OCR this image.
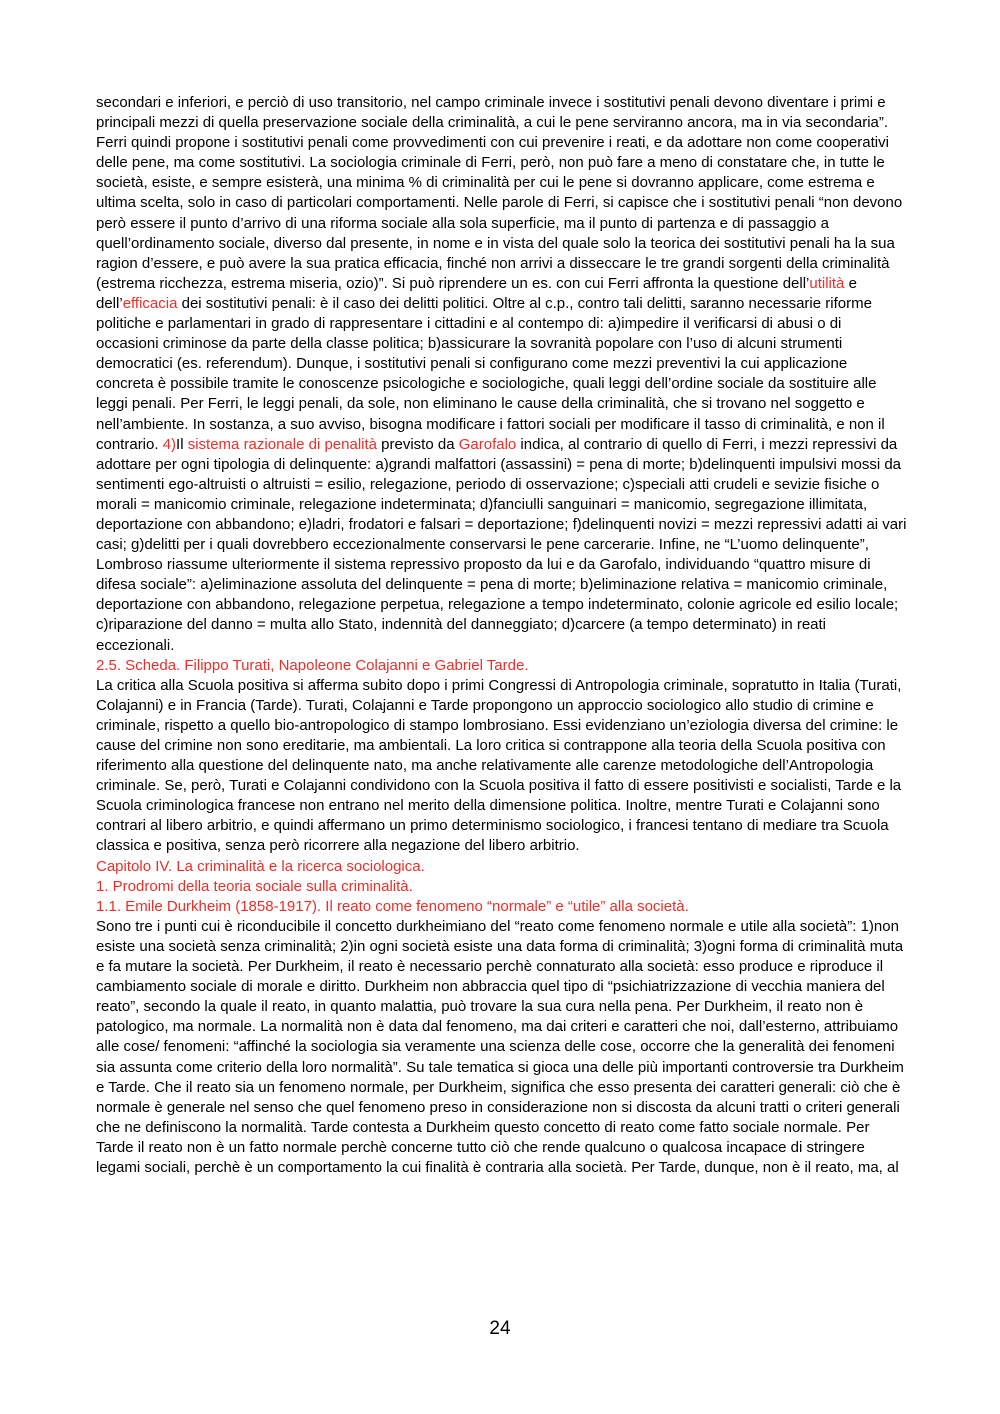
secondari e inferiori, e perciò di uso transitorio, nel campo criminale invece i sostitutivi penali devono diventare i primi e principali mezzi di quella preservazione sociale della criminalità, a cui le pene serviranno ancora, ma in via secondaria”. Ferri quindi propone i sostitutivi penali come provvedimenti con cui prevenire i reati, e da adottare non come cooperativi delle pene, ma come sostitutivi. La sociologia criminale di Ferri, però, non può fare a meno di constatare che, in tutte le società, esiste, e sempre esisterà, una minima % di criminalità per cui le pene si dovranno applicare, come estrema e ultima scelta, solo in caso di particolari comportamenti. Nelle parole di Ferri, si capisce che i sostitutivi penali “non devono però essere il punto d’arrivo di una riforma sociale alla sola superficie, ma il punto di partenza e di passaggio a quell’ordinamento sociale, diverso dal presente, in nome e in vista del quale solo la teorica dei sostitutivi penali ha la sua ragion d’essere, e può avere la sua pratica efficacia, finché non arrivi a disseccare le tre grandi sorgenti della criminalità (estrema ricchezza, estrema miseria, ozio)”. Si può riprendere un es. con cui Ferri affronta la questione dell’utilità e dell’efficacia dei sostitutivi penali: è il caso dei delitti politici. Oltre al c.p., contro tali delitti, saranno necessarie riforme politiche e parlamentari in grado di rappresentare i cittadini e al contempo di: a)impedire il verificarsi di abusi o di occasioni criminose da parte della classe politica; b)assicurare la sovranità popolare con l’uso di alcuni strumenti democratici (es. referendum). Dunque, i sostitutivi penali si configurano come mezzi preventivi la cui applicazione concreta è possibile tramite le conoscenze psicologiche e sociologiche, quali leggi dell’ordine sociale da sostituire alle leggi penali. Per Ferri, le leggi penali, da sole, non eliminano le cause della criminalità, che si trovano nel soggetto e nell’ambiente. In sostanza, a suo avviso, bisogna modificare i fattori sociali per modificare il tasso di criminalità, e non il contrario. 4)Il sistema razionale di penalità previsto da Garofalo indica, al contrario di quello di Ferri, i mezzi repressivi da adottare per ogni tipologia di delinquente: a)grandi malfattori (assassini) = pena di morte; b)delinquenti impulsivi mossi da sentimenti ego-altruisti o altruisti = esilio, relegazione, periodo di osservazione; c)speciali atti crudeli e sevizie fisiche o morali = manicomio criminale, relegazione indeterminata; d)fanciulli sanguinari = manicomio, segregazione illimitata, deportazione con abbandono; e)ladri, frodatori e falsari = deportazione; f)delinquenti novizi = mezzi repressivi adatti ai vari casi; g)delitti per i quali dovrebbero eccezionalmente conservarsi le pene carcerarie. Infine, ne “L’uomo delinquente”, Lombroso riassume ulteriormente il sistema repressivo proposto da lui e da Garofalo, individuando “quattro misure di difesa sociale”: a)eliminazione assoluta del delinquente = pena di morte; b)eliminazione relativa = manicomio criminale, deportazione con abbandono, relegazione perpetua, relegazione a tempo indeterminato, colonie agricole ed esilio locale; c)riparazione del danno = multa allo Stato, indennità del danneggiato; d)carcere (a tempo determinato) in reati eccezionali.

2.5. Scheda. Filippo Turati, Napoleone Colajanni e Gabriel Tarde.

La critica alla Scuola positiva si afferma subito dopo i primi Congressi di Antropologia criminale, sopratutto in Italia (Turati, Colajanni) e in Francia (Tarde). Turati, Colajanni e Tarde propongono un approccio sociologico allo studio di crimine e criminale, rispetto a quello bio-antropologico di stampo lombrosiano. Essi evidenziano un’eziologia diversa del crimine: le cause del crimine non sono ereditarie, ma ambientali. La loro critica si contrappone alla teoria della Scuola positiva con riferimento alla questione del delinquente nato, ma anche relativamente alle carenze metodologiche dell’Antropologia criminale. Se, però, Turati e Colajanni condividono con la Scuola positiva il fatto di essere positivisti e socialisti, Tarde e la Scuola criminologica francese non entrano nel merito della dimensione politica. Inoltre, mentre Turati e Colajanni sono contrari al libero arbitrio, e quindi affermano un primo determinismo sociologico, i francesi tentano di mediare tra Scuola classica e positiva, senza però ricorrere alla negazione del libero arbitrio.

Capitolo IV. La criminalità e la ricerca sociologica.

1. Prodromi della teoria sociale sulla criminalità.

1.1. Emile Durkheim (1858-1917). Il reato come fenomeno “normale” e “utile” alla società.

Sono tre i punti cui è riconducibile il concetto durkheimiano del “reato come fenomeno normale e utile alla società”: 1)non esiste una società senza criminalità; 2)in ogni società esiste una data forma di criminalità; 3)ogni forma di criminalità muta e fa mutare la società. Per Durkheim, il reato è necessario perchè connaturato alla società: esso produce e riproduce il cambiamento sociale di morale e diritto. Durkheim non abbraccia quel tipo di “psichiatrizzazione di vecchia maniera del reato”, secondo la quale il reato, in quanto malattia, può trovare la sua cura nella pena. Per Durkheim, il reato non è patologico, ma normale. La normalità non è data dal fenomeno, ma dai criteri e caratteri che noi, dall’esterno, attribuiamo alle cose/ fenomeni: “affinché la sociologia sia veramente una scienza delle cose, occorre che la generalità dei fenomeni sia assunta come criterio della loro normalità”. Su tale tematica si gioca una delle più importanti controversie tra Durkheim e Tarde. Che il reato sia un fenomeno normale, per Durkheim, significa che esso presenta dei caratteri generali: ciò che è normale è generale nel senso che quel fenomeno preso in considerazione non si discosta da alcuni tratti o criteri generali che ne definiscono la normalità. Tarde contesta a Durkheim questo concetto di reato come fatto sociale normale. Per Tarde il reato non è un fatto normale perchè concerne tutto ciò che rende qualcuno o qualcosa incapace di stringere legami sociali, perchè è un comportamento la cui finalità è contraria alla società. Per Tarde, dunque, non è il reato, ma, al

24
